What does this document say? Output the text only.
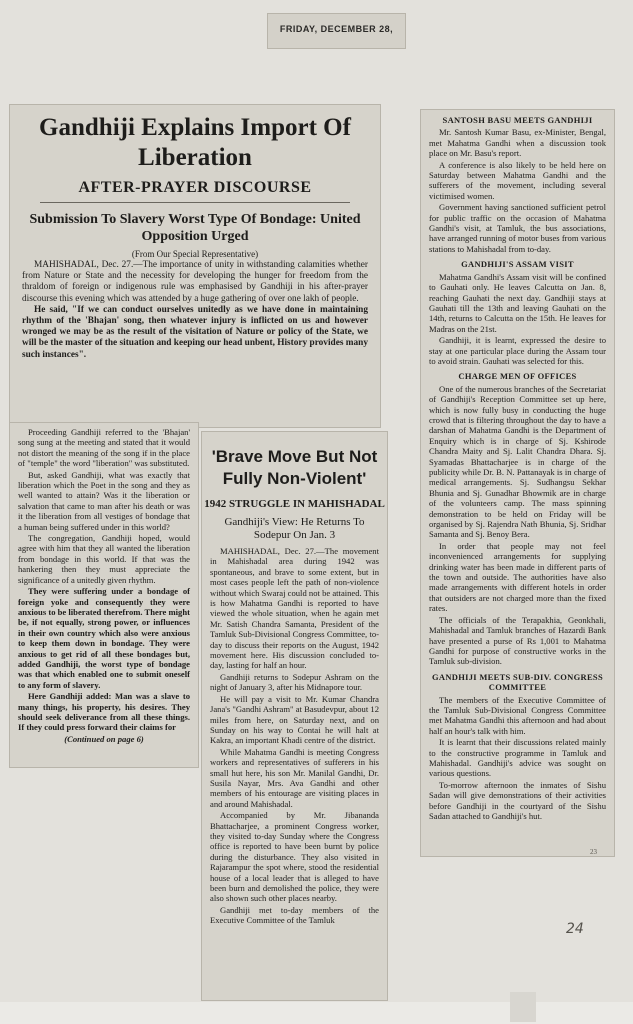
FRIDAY, DECEMBER 28,
Gandhiji Explains Import Of Liberation
AFTER-PRAYER DISCOURSE
Submission To Slavery Worst Type Of Bondage: United Opposition Urged
(From Our Special Representative)

MAHISHADAL, Dec. 27.—The importance of unity in withstanding calamities whether from Nature or State and the necessity for developing the hunger for freedom from the thraldom of foreign or indigenous rule was emphasised by Gandhiji in his after-prayer discourse this evening which was attended by a huge gathering of over one lakh of people.

He said, "If we can conduct ourselves unitedly as we have done in maintaining rhythm of the 'Bhajan' song, then whatever injury is inflicted on us and however wronged we may be as the result of the visitation of Nature or policy of the State, we will be the master of the situation and keeping our head unbent, History provides many such instances".

Proceeding Gandhiji referred to the 'Bhajan' song sung at the meeting and stated that it would not distort the meaning of the song if in the place of "temple" the word "liberation" was substituted.

But, asked Gandhiji, what was exactly that liberation which the Poet in the song and they as well wanted to attain? Was it the liberation or salvation that came to man after his death or was it the liberation from all vestiges of bondage that a human being suffered under in this world?

The congregation, Gandhiji hoped, would agree with him that they all wanted the liberation from bondage in this world. If that was the hankering then they must appreciate the significance of a unitedly given rhythm.

They were suffering under a bondage of foreign yoke and consequently they were anxious to be liberated therefrom. There might be, if not equally, strong power, or influences in their own country which also were anxious to keep them down in bondage. They were anxious to get rid of all these bondages but, added Gandhiji, the worst type of bondage was that which enabled one to submit oneself to any form of slavery.

Here Gandhiji added: Man was a slave to many things, his property, his desires. They should seek deliverance from all these things. If they could press forward their claims for

(Continued on page 6)

'Brave Move But Not Fully Non-Violent'
1942 STRUGGLE IN MAHISHADAL
Gandhiji's View: He Returns To Sodepur On Jan. 3

MAHISHADAL, Dec. 27.—The movement in Mahishadal area during 1942 was spontaneous, and brave to some extent, but in most cases people left the path of non-violence without which Swaraj could not be attained. This is how Mahatma Gandhi is reported to have viewed the whole situation, when he again met Mr. Satish Chandra Samanta, President of the Tamluk Sub-Divisional Congress Committee, to-day to discuss their reports on the August, 1942 movement here. His discussion concluded to-day, lasting for half an hour.

Gandhiji returns to Sodepur Ashram on the night of January 3, after his Midnapore tour.

He will pay a visit to Mr. Kumar Chandra Jana's "Gandhi Ashram" at Basudevpur, about 12 miles from here, on Saturday next, and on Sunday on his way to Contai he will halt at Kakra, an important Khadi centre of the district.

While Mahatma Gandhi is meeting Congress workers and representatives of sufferers in his small hut here, his son Mr. Manilal Gandhi, Dr. Susila Nayar, Mrs. Ava Gandhi and other members of his entourage are visiting places in and around Mahishadal.

Accompanied by Mr. Jibananda Bhattacharjee, a prominent Congress worker, they visited to-day Sunday where the Congress office is reported to have been burnt by police during the disturbance. They also visited in Rajarampur the spot where, stood the residential house of a local leader that is alleged to have been burn and demolished the police, they were also shown such other places nearby.

Gandhiji met to-day members of the Executive Committee of the Tamluk

SANTOSH BASU MEETS GANDHIJI

Mr. Santosh Kumar Basu, ex-Minister, Bengal, met Mahatma Gandhi when a discussion took place on Mr. Basu's report.

A conference is also likely to be held here on Saturday between Mahatma Gandhi and the sufferers of the movement, including several victimised women.

Government having sanctioned sufficient petrol for public traffic on the occasion of Mahatma Gandhi's visit, at Tamluk, the bus associations, have arranged running of motor buses from various stations to Mahishadal from to-day.

GANDHIJI'S ASSAM VISIT

Mahatma Gandhi's Assam visit will be confined to Gauhati only. He leaves Calcutta on Jan. 8, reaching Gauhati the next day. Gandhiji stays at Gauhati till the 13th and leaving Gauhati on the 14th, returns to Calcutta on the 15th. He leaves for Madras on the 21st.

Gandhiji, it is learnt, expressed the desire to stay at one particular place during the Assam tour to avoid strain. Gauhati was selected for this.

CHARGE MEN OF OFFICES

One of the numerous branches of the Secretariat of Gandhiji's Reception Committee set up here, which is now fully busy in conducting the huge crowd that is filtering throughout the day to have a darshan of Mahatma Gandhi is the Department of Enquiry which is in charge of Sj. Kshirode Chandra Maity and Sj. Lalit Chandra Dhara. Sj. Syamadas Bhattacharjee is in charge of the publicity while Dr. B. N. Pattanayak is in charge of medical arrangements. Sj. Sudhangsu Sekhar Bhunia and Sj. Gunadhar Bhowmik are in charge of the volunteers camp. The mass spinning demonstration to be held on Friday will be organised by Sj. Rajendra Nath Bhunia, Sj. Sridhar Samanta and Sj. Benoy Bera.

In order that people may not feel inconvenienced arrangements for supplying drinking water has been made in different parts of the town and outside. The authorities have also made arrangements with different hotels in order that outsiders are not charged more than the fixed rates.

The officials of the Terapakhia, Geonkhali, Mahishadal and Tamluk branches of Hazardi Bank have presented a purse of Rs 1,001 to Mahatma Gandhi for purpose of constructive works in the Tamluk sub-division.

GANDHIJI MEETS SUB-DIV. CONGRESS COMMITTEE

The members of the Executive Committee of the Tamluk Sub-Divisional Congress Committee met Mahatma Gandhi this afternoon and had about half an hour's talk with him.

It is learnt that their discussions related mainly to the constructive programme in Tamluk and Mahishadal. Gandhiji's advice was sought on various questions.

To-morrow afternoon the inmates of Sishu Sadan will give demonstrations of their activities before Gandhiji in the courtyard of the Sishu Sadan attached to Gandhiji's hut.

23
24
